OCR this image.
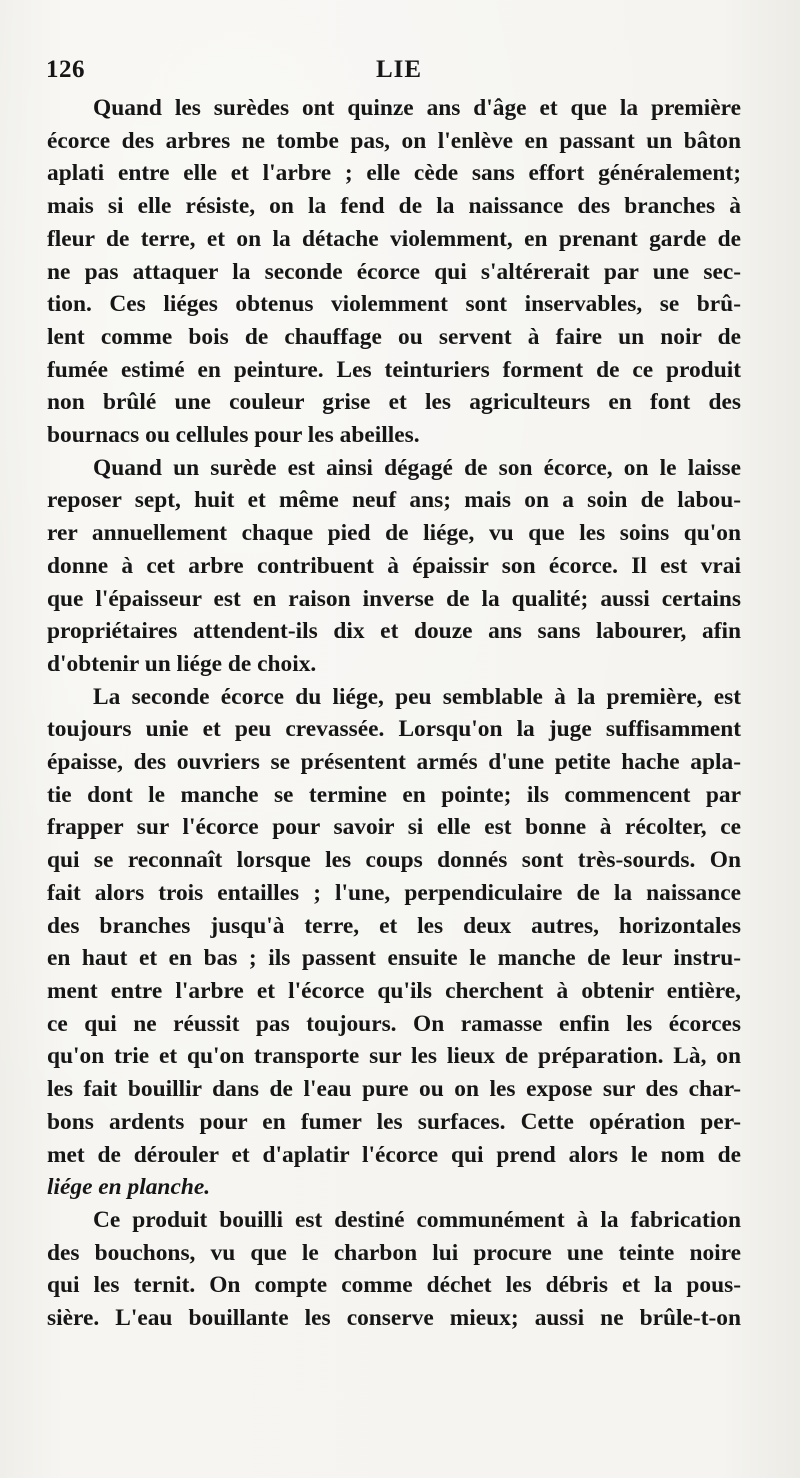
126	LIE
Quand les surèdes ont quinze ans d'âge et que la première
écorce des arbres ne tombe pas, on l'enlève en passant un bâton
aplati entre elle et l'arbre ; elle cède sans effort généralement;
mais si elle résiste, on la fend de la naissance des branches à
fleur de terre, et on la détache violemment, en prenant garde de
ne pas attaquer la seconde écorce qui s'altérerait par une sec-
tion. Ces liéges obtenus violemment sont inservables, se brû-
lent comme bois de chauffage ou servent à faire un noir de
fumée estimé en peinture. Les teinturiers forment de ce produit
non brûlé une couleur grise et les agriculteurs en font des
bournacs ou cellules pour les abeilles.
Quand un surède est ainsi dégagé de son écorce, on le laisse
reposer sept, huit et même neuf ans; mais on a soin de labou-
rer annuellement chaque pied de liége, vu que les soins qu'on
donne à cet arbre contribuent à épaissir son écorce. Il est vrai
que l'épaisseur est en raison inverse de la qualité; aussi certains
propriétaires attendent-ils dix et douze ans sans labourer, afin
d'obtenir un liége de choix.
La seconde écorce du liége, peu semblable à la première, est
toujours unie et peu crevassée. Lorsqu'on la juge suffisamment
épaisse, des ouvriers se présentent armés d'une petite hache apla-
tie dont le manche se termine en pointe; ils commencent par
frapper sur l'écorce pour savoir si elle est bonne à récolter, ce
qui se reconnaît lorsque les coups donnés sont très-sourds. On
fait alors trois entailles ; l'une, perpendiculaire de la naissance
des branches jusqu'à terre, et les deux autres, horizontales
en haut et en bas ; ils passent ensuite le manche de leur instru-
ment entre l'arbre et l'écorce qu'ils cherchent à obtenir entière,
ce qui ne réussit pas toujours. On ramasse enfin les écorces
qu'on trie et qu'on transporte sur les lieux de préparation. Là, on
les fait bouillir dans de l'eau pure ou on les expose sur des char-
bons ardents pour en fumer les surfaces. Cette opération per-
met de dérouler et d'aplatir l'écorce qui prend alors le nom de
liége en planche.
Ce produit bouilli est destiné communément à la fabrication
des bouchons, vu que le charbon lui procure une teinte noire
qui les ternit. On compte comme déchet les débris et la pous-
sière. L'eau bouillante les conserve mieux; aussi ne brûle-t-on
